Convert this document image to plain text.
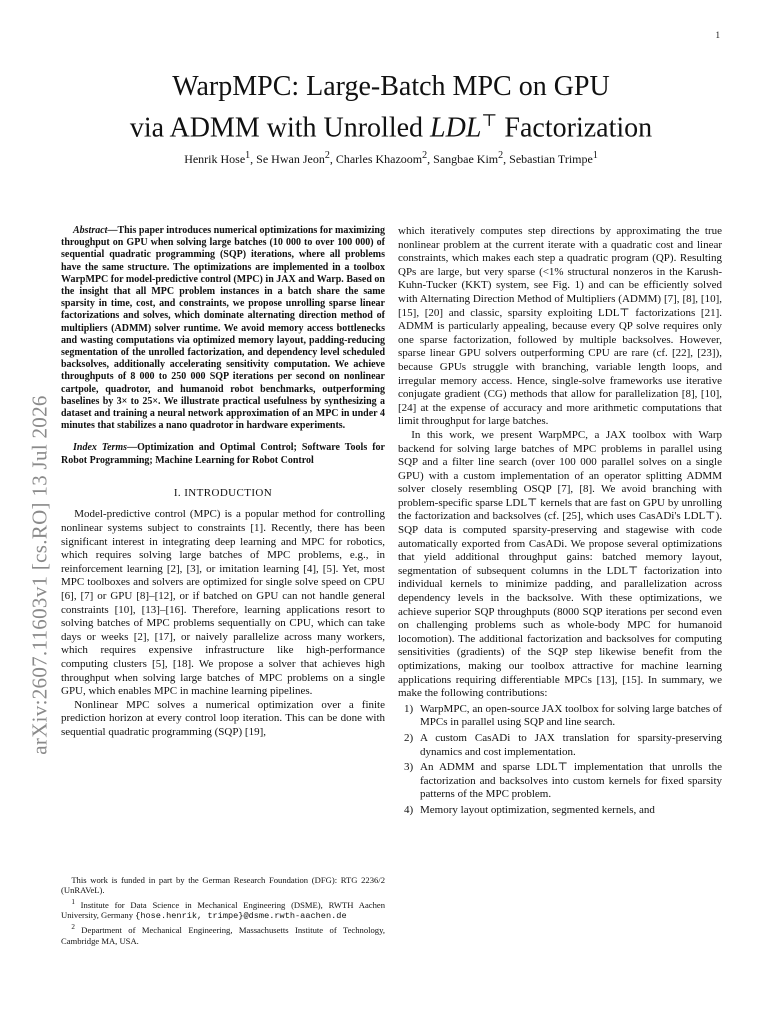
1
arXiv:2607.11603v1 [cs.RO] 13 Jul 2026
WarpMPC: Large-Batch MPC on GPU
via ADMM with Unrolled LDL⊤ Factorization
Henrik Hose$^1$, Se Hwan Jeon$^2$, Charles Khazoom$^2$, Sangbae Kim$^2$, Sebastian Trimpe$^1$

Abstract—This paper introduces numerical optimizations for maximizing throughput on GPU when solving large batches (10 000 to over 100 000) of sequential quadratic programming (SQP) iterations, where all problems have the same structure. The optimizations are implemented in a toolbox WarpMPC for model-predictive control (MPC) in JAX and Warp. Based on the insight that all MPC problem instances in a batch share the same sparsity in time, cost, and constraints, we propose unrolling sparse linear factorizations and solves, which dominate alternating direction method of multipliers (ADMM) solver runtime. We avoid memory access bottlenecks and wasting computations via optimized memory layout, padding-reducing segmentation of the unrolled factorization, and dependency level scheduled backsolves, additionally accelerating sensitivity computation. We achieve throughputs of 8 000 to 250 000 SQP iterations per second on nonlinear cartpole, quadrotor, and humanoid robot benchmarks, outperforming baselines by 3× to 25×. We illustrate practical usefulness by synthesizing a dataset and training a neural network approximation of an MPC in under 4 minutes that stabilizes a nano quadrotor in hardware experiments.

Index Terms—Optimization and Optimal Control; Software Tools for Robot Programming; Machine Learning for Robot Control

I. INTRODUCTION

Model-predictive control (MPC) is a popular method for controlling nonlinear systems subject to constraints [1]. Recently, there has been significant interest in integrating deep learning and MPC for robotics, which requires solving large batches of MPC problems, e.g., in reinforcement learning [2], [3], or imitation learning [4], [5]. Yet, most MPC toolboxes and solvers are optimized for single solve speed on CPU [6], [7] or GPU [8]–[12], or if batched on GPU can not handle general constraints [10], [13]–[16]. Therefore, learning applications resort to solving batches of MPC problems sequentially on CPU, which can take days or weeks [2], [17], or naively parallelize across many workers, which requires expensive infrastructure like high-performance computing clusters [5], [18]. We propose a solver that achieves high throughput when solving large batches of MPC problems on a single GPU, which enables MPC in machine learning pipelines.

Nonlinear MPC solves a numerical optimization over a finite prediction horizon at every control loop iteration. This can be done with sequential quadratic programming (SQP) [19],

This work is funded in part by the German Research Foundation (DFG): RTG 2236/2 (UnRAVeL).

$^1$ Institute for Data Science in Mechanical Engineering (DSME), RWTH Aachen University, Germany {hose.henrik, trimpe}@dsme.rwth-aachen.de

$^2$ Department of Mechanical Engineering, Massachusetts Institute of Technology, Cambridge MA, USA.

which iteratively computes step directions by approximating the true nonlinear problem at the current iterate with a quadratic cost and linear constraints, which makes each step a quadratic program (QP). Resulting QPs are large, but very sparse (<1% structural nonzeros in the Karush-Kuhn-Tucker (KKT) system, see Fig. 1) and can be efficiently solved with Alternating Direction Method of Multipliers (ADMM) [7], [8], [10], [15], [20] and classic, sparsity exploiting LDL⊤ factorizations [21]. ADMM is particularly appealing, because every QP solve requires only one sparse factorization, followed by multiple backsolves. However, sparse linear GPU solvers outperforming CPU are rare (cf. [22], [23]), because GPUs struggle with branching, variable length loops, and irregular memory access. Hence, single-solve frameworks use iterative conjugate gradient (CG) methods that allow for parallelization [8], [10], [24] at the expense of accuracy and more arithmetic computations that limit throughput for large batches.

In this work, we present WarpMPC, a JAX toolbox with Warp backend for solving large batches of MPC problems in parallel using SQP and a filter line search (over 100 000 parallel solves on a single GPU) with a custom implementation of an operator splitting ADMM solver closely resembling OSQP [7], [8]. We avoid branching with problem-specific sparse LDL⊤ kernels that are fast on GPU by unrolling the factorization and backsolves (cf. [25], which uses CasADi's LDL⊤). SQP data is computed sparsity-preserving and stagewise with code automatically exported from CasADi. We propose several optimizations that yield additional throughput gains: batched memory layout, segmentation of subsequent columns in the LDL⊤ factorization into individual kernels to minimize padding, and parallelization across dependency levels in the backsolve. With these optimizations, we achieve superior SQP throughputs (8000 SQP iterations per second even on challenging problems such as whole-body MPC for humanoid locomotion). The additional factorization and backsolves for computing sensitivities (gradients) of the SQP step likewise benefit from the optimizations, making our toolbox attractive for machine learning applications requiring differentiable MPCs [13], [15]. In summary, we make the following contributions:

1) WarpMPC, an open-source JAX toolbox for solving large batches of MPCs in parallel using SQP and line search.
2) A custom CasADi to JAX translation for sparsity-preserving dynamics and cost implementation.
3) An ADMM and sparse LDL⊤ implementation that unrolls the factorization and backsolves into custom kernels for fixed sparsity patterns of the MPC problem.
4) Memory layout optimization, segmented kernels, and
